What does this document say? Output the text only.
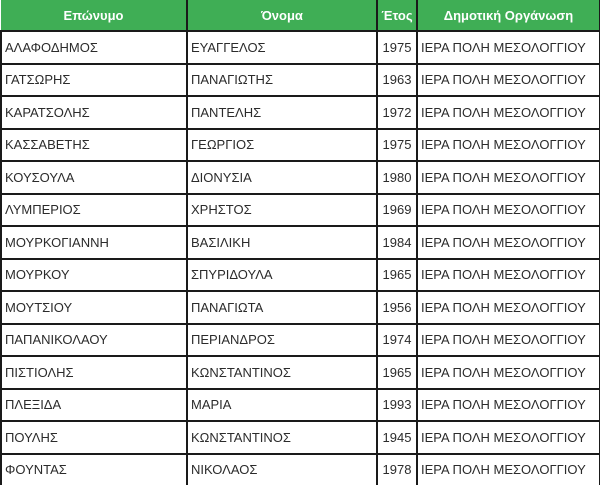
Επώνυμο	Όνομα	Έτος	Δημοτική Οργάνωση
ΑΛΑΦΟΔΗΜΟΣ	ΕΥΑΓΓΕΛΟΣ	1975	ΙΕΡΑ ΠΟΛΗ ΜΕΣΟΛΟΓΓΙΟΥ
ΓΑΤΣΩΡΗΣ	ΠΑΝΑΓΙΩΤΗΣ	1963	ΙΕΡΑ ΠΟΛΗ ΜΕΣΟΛΟΓΓΙΟΥ
ΚΑΡΑΤΣΟΛΗΣ	ΠΑΝΤΕΛΗΣ	1972	ΙΕΡΑ ΠΟΛΗ ΜΕΣΟΛΟΓΓΙΟΥ
ΚΑΣΣΑΒΕΤΗΣ	ΓΕΩΡΓΙΟΣ	1975	ΙΕΡΑ ΠΟΛΗ ΜΕΣΟΛΟΓΓΙΟΥ
ΚΟΥΣΟΥΛΑ	ΔΙΟΝΥΣΙΑ	1980	ΙΕΡΑ ΠΟΛΗ ΜΕΣΟΛΟΓΓΙΟΥ
ΛΥΜΠΕΡΙΟΣ	ΧΡΗΣΤΟΣ	1969	ΙΕΡΑ ΠΟΛΗ ΜΕΣΟΛΟΓΓΙΟΥ
ΜΟΥΡΚΟΓΙΑΝΝΗ	ΒΑΣΙΛΙΚΗ	1984	ΙΕΡΑ ΠΟΛΗ ΜΕΣΟΛΟΓΓΙΟΥ
ΜΟΥΡΚΟΥ	ΣΠΥΡΙΔΟΥΛΑ	1965	ΙΕΡΑ ΠΟΛΗ ΜΕΣΟΛΟΓΓΙΟΥ
ΜΟΥΤΣΙΟΥ	ΠΑΝΑΓΙΩΤΑ	1956	ΙΕΡΑ ΠΟΛΗ ΜΕΣΟΛΟΓΓΙΟΥ
ΠΑΠΑΝΙΚΟΛΑΟΥ	ΠΕΡΙΑΝΔΡΟΣ	1974	ΙΕΡΑ ΠΟΛΗ ΜΕΣΟΛΟΓΓΙΟΥ
ΠΙΣΤΙΟΛΗΣ	ΚΩΝΣΤΑΝΤΙΝΟΣ	1965	ΙΕΡΑ ΠΟΛΗ ΜΕΣΟΛΟΓΓΙΟΥ
ΠΛΕΞΙΔΑ	ΜΑΡΙΑ	1993	ΙΕΡΑ ΠΟΛΗ ΜΕΣΟΛΟΓΓΙΟΥ
ΠΟΥΛΗΣ	ΚΩΝΣΤΑΝΤΙΝΟΣ	1945	ΙΕΡΑ ΠΟΛΗ ΜΕΣΟΛΟΓΓΙΟΥ
ΦΟΥΝΤΑΣ	ΝΙΚΟΛΑΟΣ	1978	ΙΕΡΑ ΠΟΛΗ ΜΕΣΟΛΟΓΓΙΟΥ
